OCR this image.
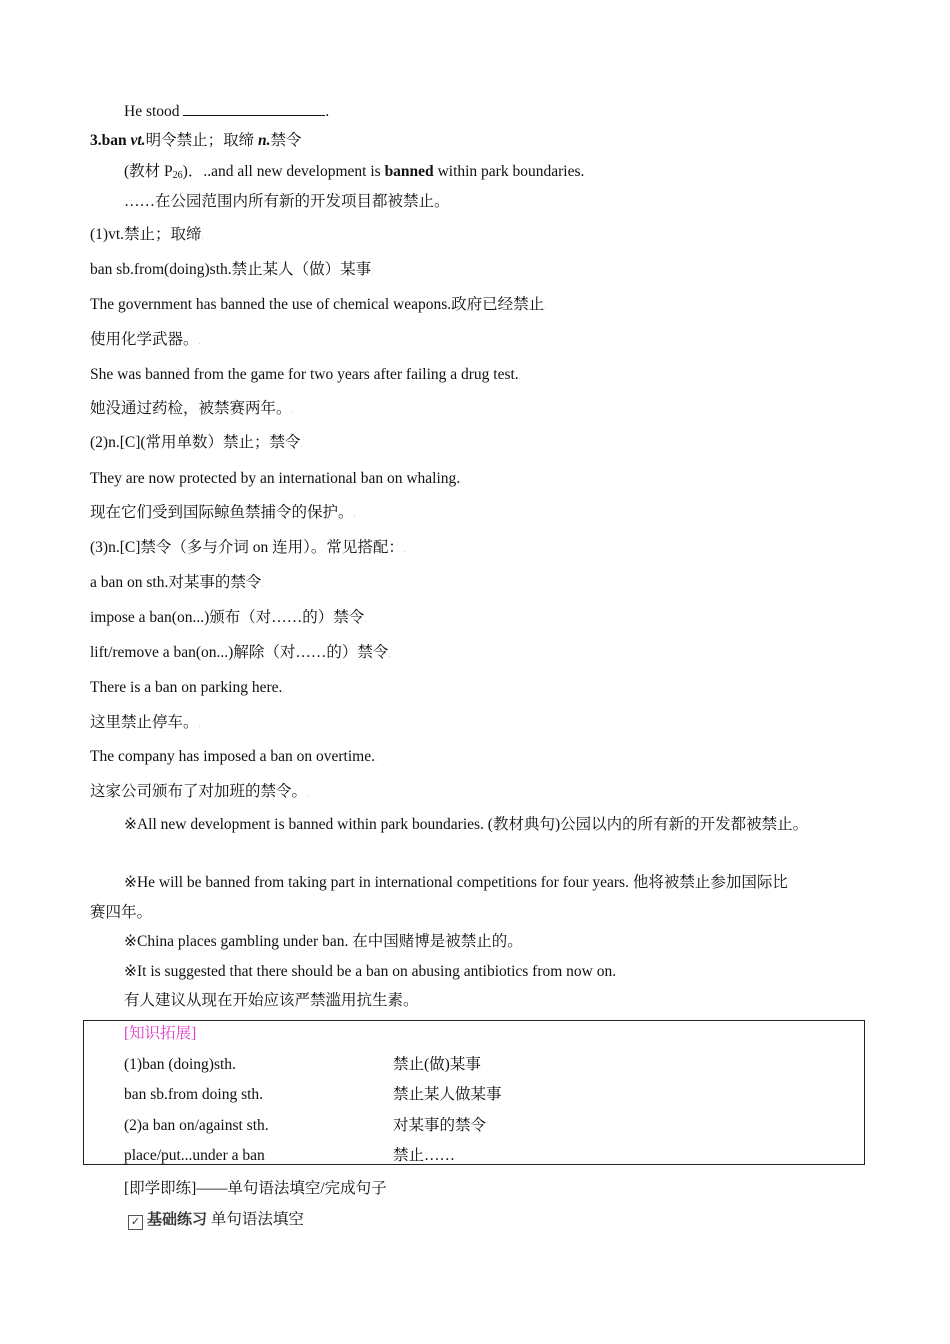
He stood	.
3.ban vt.明令禁止；取缔 n.禁令
(教材 $P_{26}$)．..and all new development is banned within park boundaries.
……在公园范围内所有新的开发项目都被禁止。
(1)vt.禁止；取缔.
ban sb.from(doing)sth.禁止某人（做）某事.
The government has banned the use of chemical weapons.政府已经禁止.
使用化学武器。.
She was banned from the game for two years after failing a drug test..
她没通过药检，被禁赛两年。.
(2)n.[C](常用单数）禁止；禁令.
They are now protected by an international ban on whaling..
现在它们受到国际鲸鱼禁捕令的保护。.
(3)n.[C]禁令（多与介词 on 连用）。常见搭配：.
a ban on sth.对某事的禁令.
impose a ban(on...)颁布（对……的）禁令.
lift/remove a ban(on...)解除（对……的）禁令.
There is a ban on parking here..
这里禁止停车。.
The company has imposed a ban on overtime..
这家公司颁布了对加班的禁令。.
※All new development is banned within park boundaries. (教材典句)公园以内的所有新的开发都被禁止。
※He will be banned from taking part in international competitions for four years. 他将被禁止参加国际比
赛四年。
※China places gambling under ban. 在中国赌博是被禁止的。
※It is suggested that there should be a ban on abusing antibiotics from now on.
有人建议从现在开始应该严禁滥用抗生素。
[知识拓展]
(1)ban (doing)sth.	禁止(做)某事
ban sb.from doing sth.	禁止某人做某事
(2)a ban on/against sth.	对某事的禁令
place/put...under a ban	禁止……
[即学即练]——单句语法填空/完成句子
✓ 基础练习 单句语法填空
